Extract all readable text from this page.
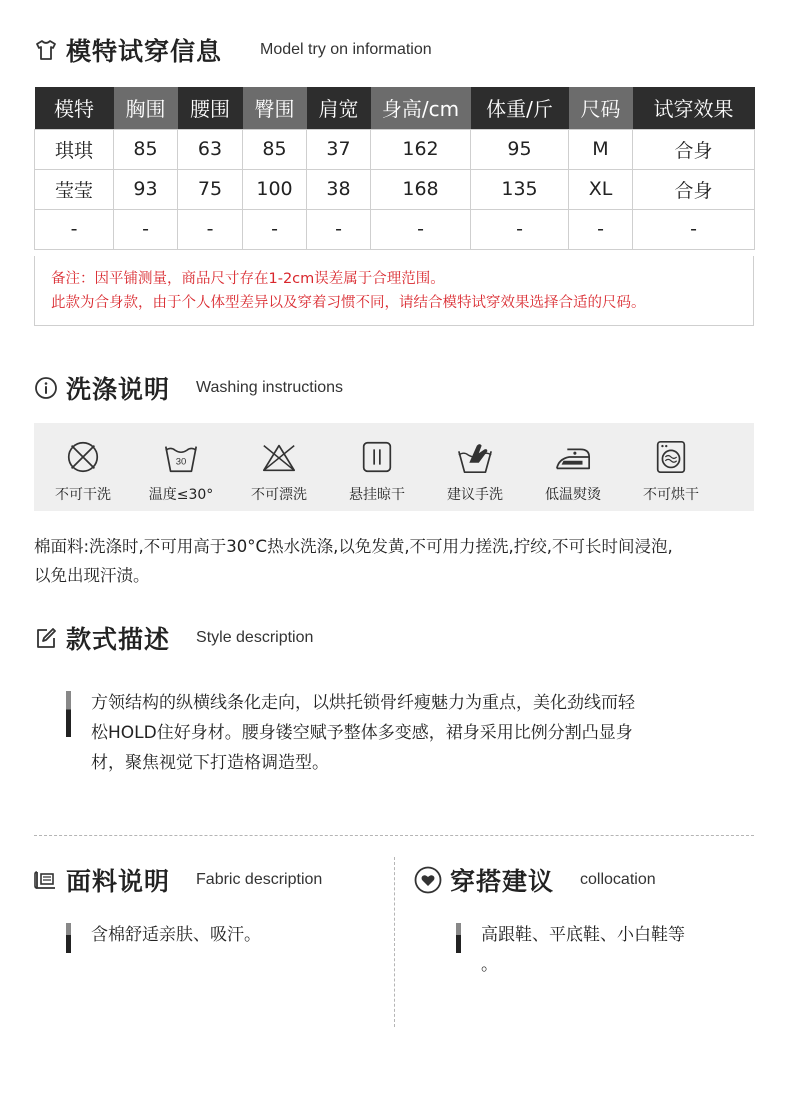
模特试穿信息 Model try on information
模特	胸围	腰围	臀围	肩宽	身高/cm	体重/斤	尺码	试穿效果
琪琪	85	63	85	37	162	95	M	合身
莹莹	93	75	100	38	168	135	XL	合身
-	-	-	-	-	-	-	-	-
备注：因平铺测量，商品尺寸存在1-2cm误差属于合理范围。
此款为合身款，由于个人体型差异以及穿着习惯不同，请结合模特试穿效果选择合适的尺码。
洗涤说明 Washing instructions
不可干洗
30
温度≤30°	不可漂洗	悬挂晾干	建议手洗	低温熨烫	不可烘干
棉面料:洗涤时,不可用高于30°C热水洗涤,以免发黄,不可用力搓洗,拧绞,不可长时间浸泡,
以免出现汗渍。
款式描述 Style description
方领结构的纵横线条化走向，以烘托锁骨纤瘦魅力为重点，美化劲线而轻
松HOLD住好身材。腰身镂空赋予整体多变感，裙身采用比例分割凸显身
材，聚焦视觉下打造格调造型。
面料说明 Fabric description
含棉舒适亲肤、吸汗。
穿搭建议 collocation
高跟鞋、平底鞋、小白鞋等
。
